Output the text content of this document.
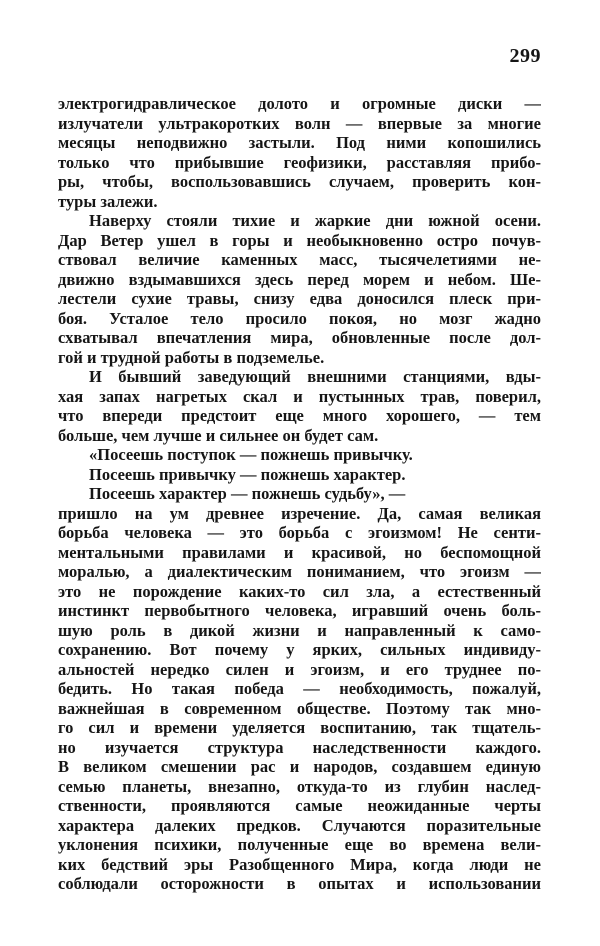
299
электрогидравлическое долото и огромные диски —
излучатели ультракоротких волн — впервые за многие
месяцы неподвижно застыли. Под ними копошились
только что прибывшие геофизики, расставляя прибо-
ры, чтобы, воспользовавшись случаем, проверить кон-
туры залежи.
Наверху стояли тихие и жаркие дни южной осени.
Дар Ветер ушел в горы и необыкновенно остро почув-
ствовал величие каменных масс, тысячелетиями не-
движно вздымавшихся здесь перед морем и небом. Ше-
лестели сухие травы, снизу едва доносился плеск при-
боя. Усталое тело просило покоя, но мозг жадно
схватывал впечатления мира, обновленные после дол-
гой и трудной работы в подземелье.
И бывший заведующий внешними станциями, вды-
хая запах нагретых скал и пустынных трав, поверил,
что впереди предстоит еще много хорошего, — тем
больше, чем лучше и сильнее он будет сам.
«Посеешь поступок — пожнешь привычку.
Посеешь привычку — пожнешь характер.
Посеешь характер — пожнешь судьбу», —
пришло на ум древнее изречение. Да, самая великая
борьба человека — это борьба с эгоизмом! Не сенти-
ментальными правилами и красивой, но беспомощной
моралью, а диалектическим пониманием, что эгоизм —
это не порождение каких-то сил зла, а естественный
инстинкт первобытного человека, игравший очень боль-
шую роль в дикой жизни и направленный к само-
сохранению. Вот почему у ярких, сильных индивиду-
альностей нередко силен и эгоизм, и его труднее по-
бедить. Но такая победа — необходимость, пожалуй,
важнейшая в современном обществе. Поэтому так мно-
го сил и времени уделяется воспитанию, так тщатель-
но изучается структура наследственности каждого.
В великом смешении рас и народов, создавшем единую
семью планеты, внезапно, откуда-то из глубин наслед-
ственности, проявляются самые неожиданные черты
характера далеких предков. Случаются поразительные
уклонения психики, полученные еще во времена вели-
ких бедствий эры Разобщенного Мира, когда люди не
соблюдали осторожности в опытах и использовании
